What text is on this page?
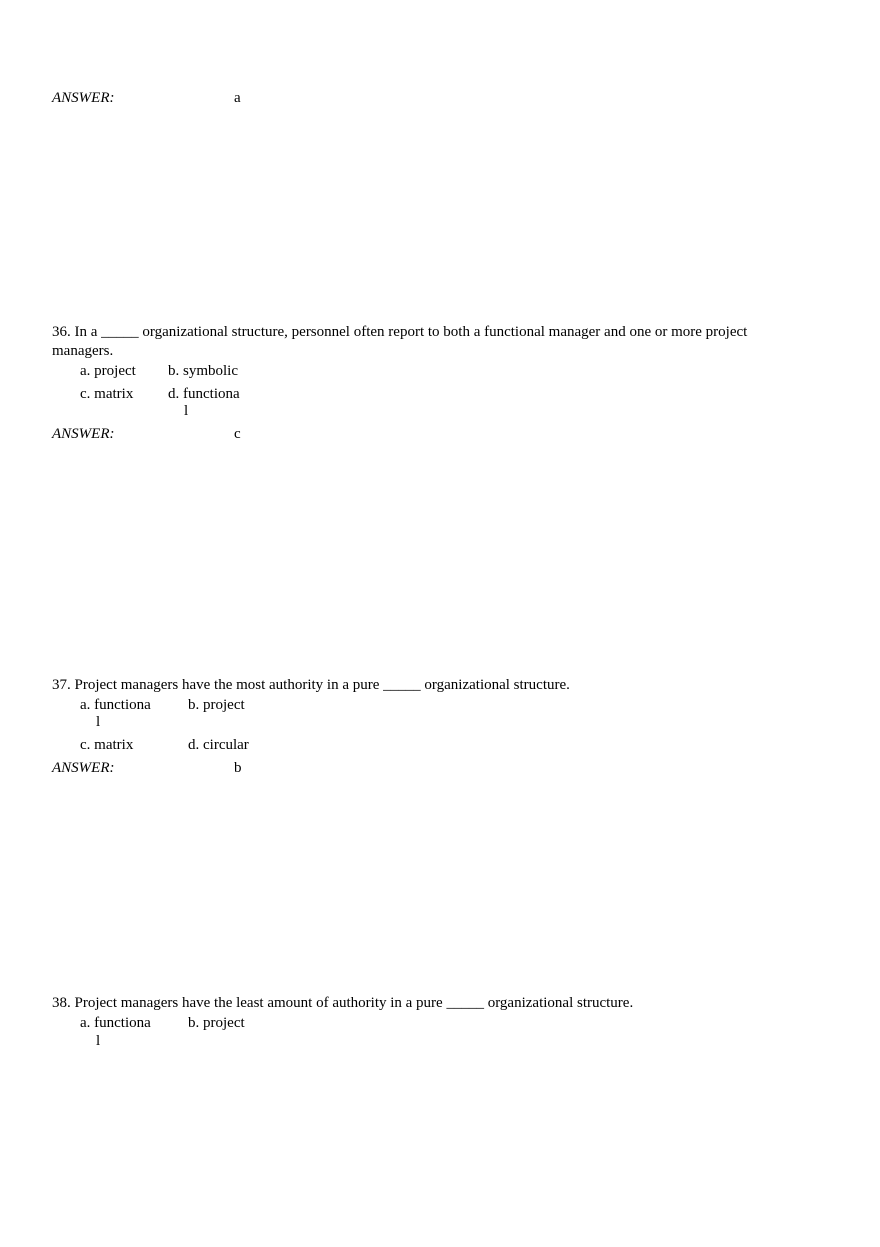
ANSWER:	a
36. In a _____ organizational structure, personnel often report to both a functional manager and one or more project managers.
a. project b. symbolic
c. matrix d. functiona
l
ANSWER:	c
37. Project managers have the most authority in a pure _____ organizational structure.
a. functiona
l
b. project
c. matrix	d. circular
ANSWER:	b
38. Project managers have the least amount of authority in a pure _____ organizational structure.
a. functiona
l
b. project
